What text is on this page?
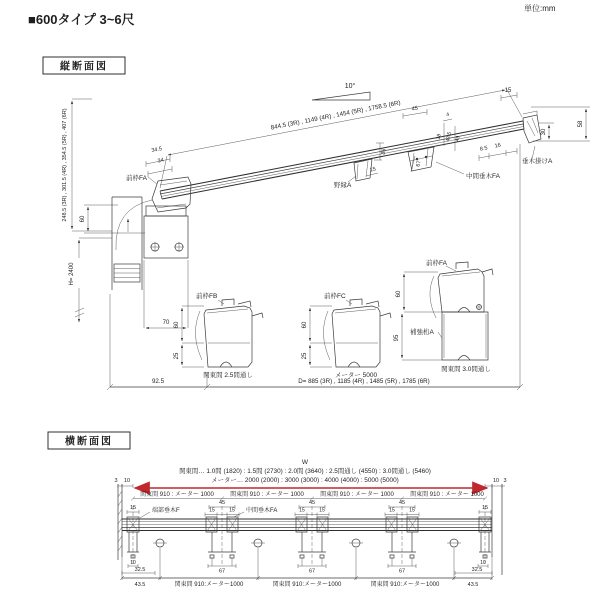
■600タイプ 3~6尺
単位:mm
縦断面図
横断面図
10°
844.5 (3R) , 1149 (4R) , 1454 (5R) , 1758.5 (6R)
34.5
34
前枠FA
248.5 (3R) , 301.5 (4R) , 354.5 (5R) , 407 (6R) 60
H= 2400
70
野縁A
36
15
中間垂木FA
45
4
18 42.5 49
67
15
58
30
8.5 16
垂木掛けA
60
25
前枠FB
関東間 2.5間通し
60
25
前枠FC
メーター 5000
60
95
前枠FA
補強桁A
関東間 3.0間通し
92.5	D= 885 (3R) , 1185 (4R) , 1485 (5R) , 1785 (6R)
W
関東間… 1.0間 (1820) : 1.5間 (2730) : 2.0間 (3640) : 2.5間通し (4550) : 3.0間通し (5460)
メーター… 2000 (2000) : 3000 (3000) : 4000 (4000) : 5000 (5000)
関東間 910 : メーター 1000	関東間 910 : メーター 1000	関東間 910 : メーター 1000	関東間 910 : メーター 1000
3 10	10 3
15	15
45
15	15
67
45
15	15
67
45
15	15
67
端部垂木F	中間垂木FA
10
32.5
10
32.5
43.5	関東間 910:メーター1000	関東間 910:メーター1000	関東間 910:メーター1000	43.5
